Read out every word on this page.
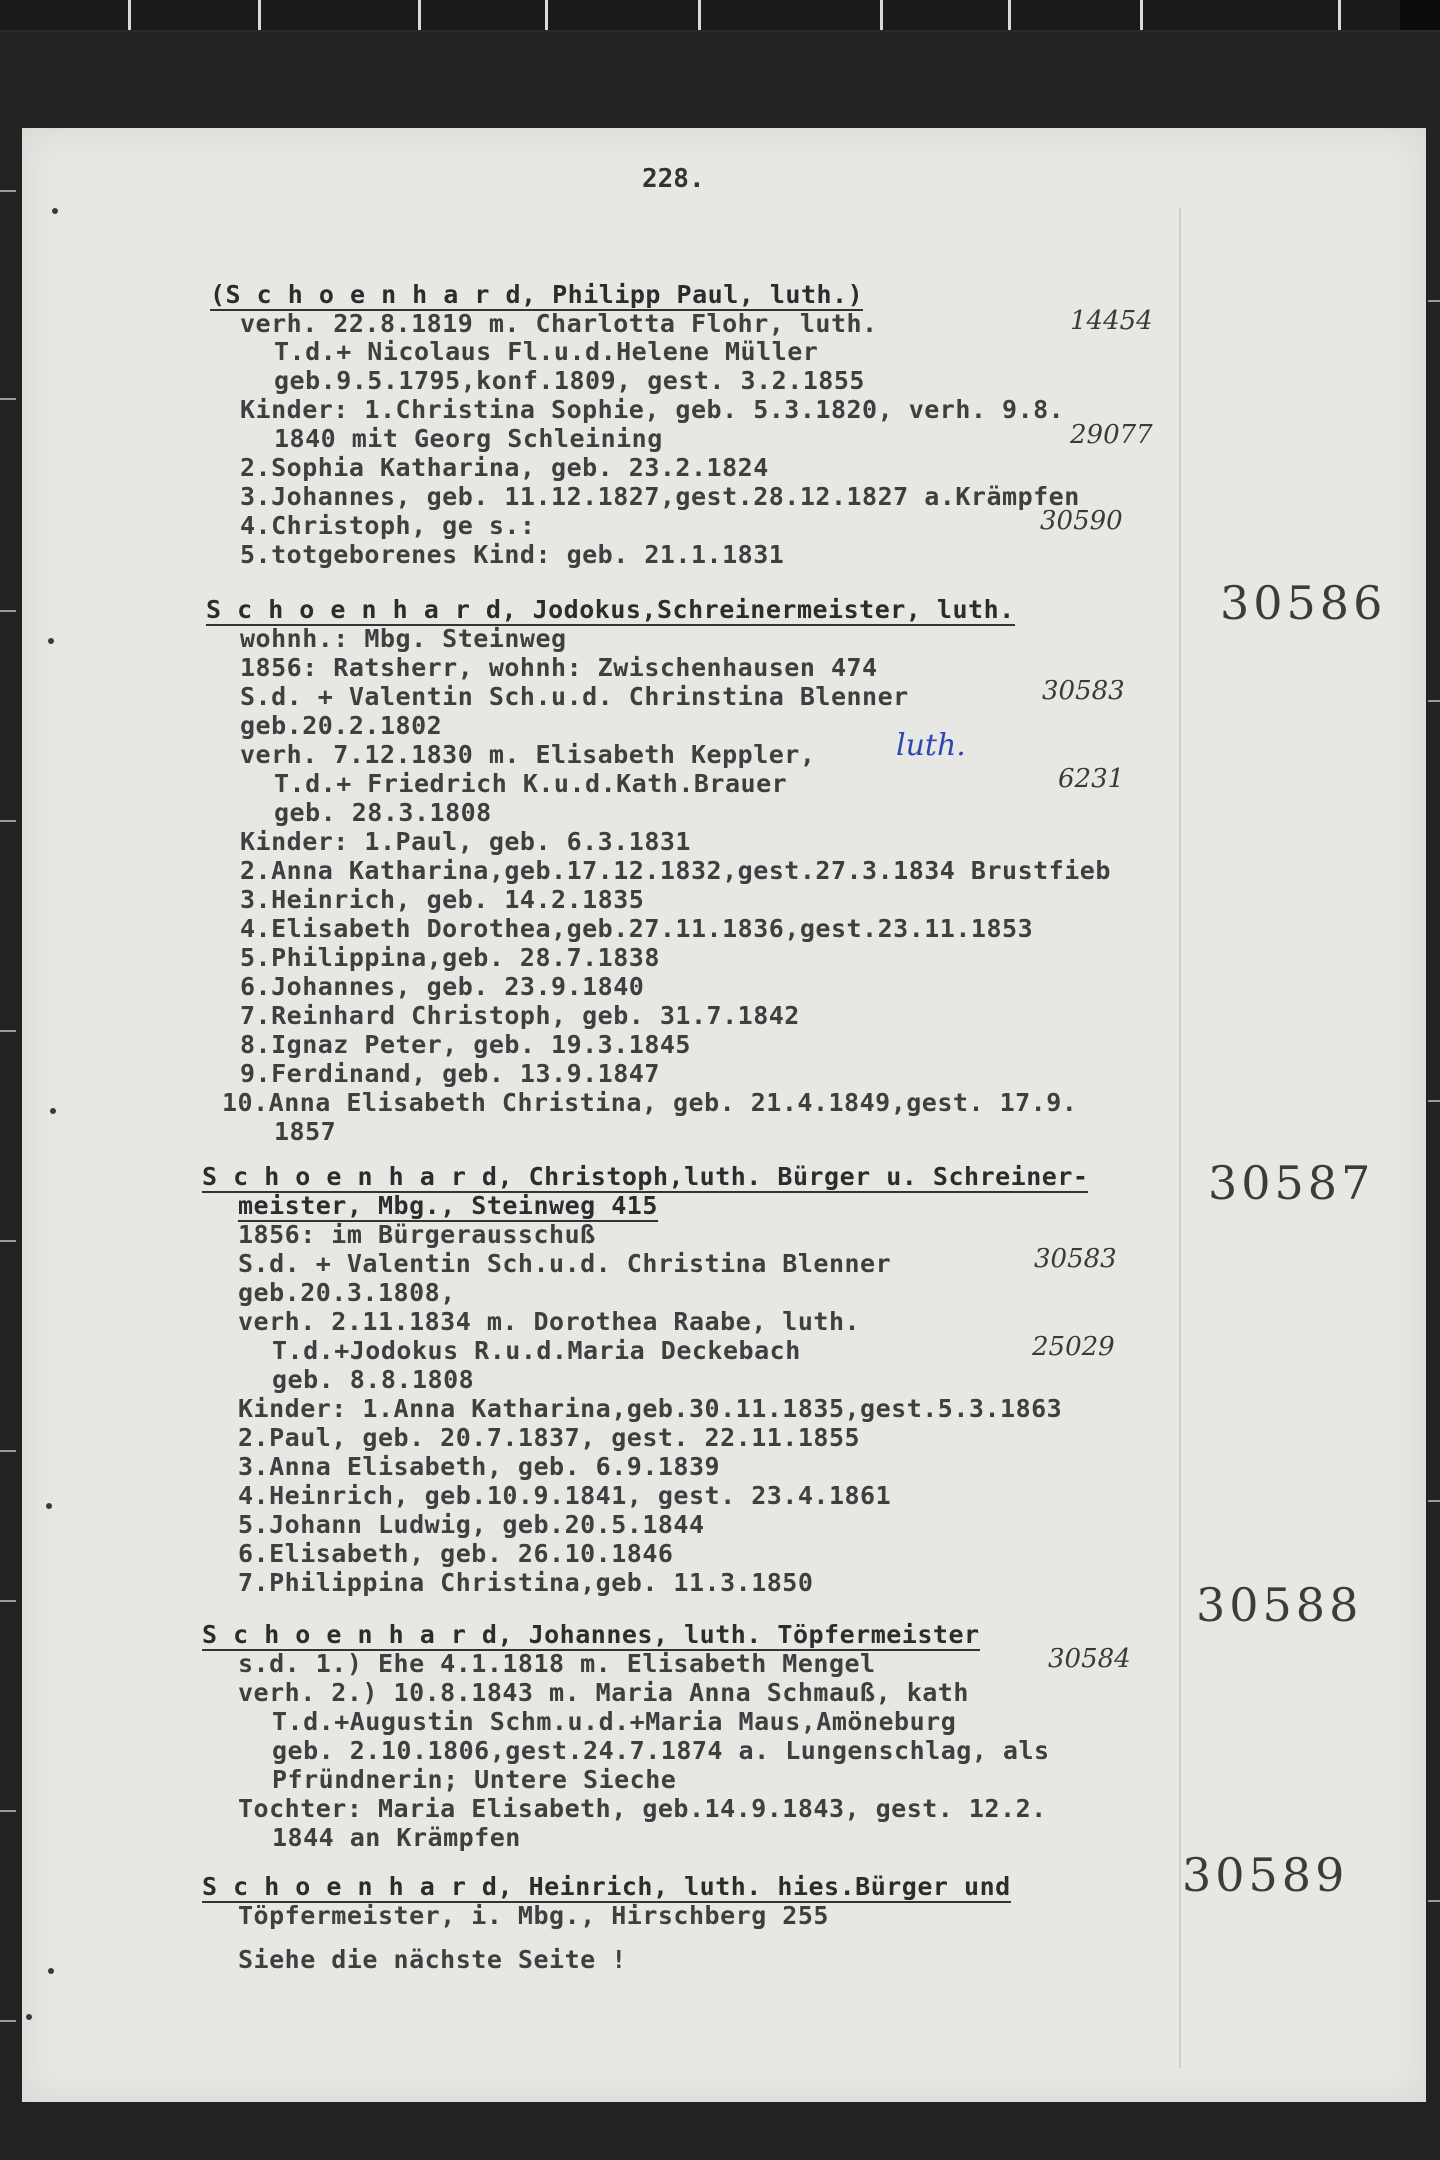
228.
(S c h o e n h a r d, Philipp Paul, luth.)
verh. 22.8.1819 m. Charlotta Flohr, luth.
T.d.+ Nicolaus Fl.u.d.Helene Müller
geb.9.5.1795,konf.1809, gest. 3.2.1855
Kinder: 1.Christina Sophie, geb. 5.3.1820, verh. 9.8.
1840 mit Georg Schleining
2.Sophia Katharina, geb. 23.2.1824
3.Johannes, geb. 11.12.1827,gest.28.12.1827 a.Krämpfen
4.Christoph, ge s.:
5.totgeborenes Kind: geb. 21.1.1831
14454
29077
30590
30586
S c h o e n h a r d, Jodokus,Schreinermeister, luth.
wohnh.: Mbg. Steinweg
1856: Ratsherr, wohnh: Zwischenhausen 474
S.d. + Valentin Sch.u.d. Chrinstina Blenner
geb.20.2.1802
verh. 7.12.1830 m. Elisabeth Keppler,
T.d.+ Friedrich K.u.d.Kath.Brauer
geb. 28.3.1808
Kinder: 1.Paul, geb. 6.3.1831
2.Anna Katharina,geb.17.12.1832,gest.27.3.1834 Brustfieb
3.Heinrich, geb. 14.2.1835
4.Elisabeth Dorothea,geb.27.11.1836,gest.23.11.1853
5.Philippina,geb. 28.7.1838
6.Johannes, geb. 23.9.1840
7.Reinhard Christoph, geb. 31.7.1842
8.Ignaz Peter, geb. 19.3.1845
9.Ferdinand, geb. 13.9.1847
10.Anna Elisabeth Christina, geb. 21.4.1849,gest. 17.9.
1857
30583
luth.
6231
30587
S c h o e n h a r d, Christoph,luth. Bürger u. Schreiner-
meister, Mbg., Steinweg 415
1856: im Bürgerausschuß
S.d. + Valentin Sch.u.d. Christina Blenner
geb.20.3.1808,
verh. 2.11.1834 m. Dorothea Raabe, luth.
T.d.+Jodokus R.u.d.Maria Deckebach
geb. 8.8.1808
Kinder: 1.Anna Katharina,geb.30.11.1835,gest.5.3.1863
2.Paul, geb. 20.7.1837, gest. 22.11.1855
3.Anna Elisabeth, geb. 6.9.1839
4.Heinrich, geb.10.9.1841, gest. 23.4.1861
5.Johann Ludwig, geb.20.5.1844
6.Elisabeth, geb. 26.10.1846
7.Philippina Christina,geb. 11.3.1850
30583
25029
30588
S c h o e n h a r d, Johannes, luth. Töpfermeister
s.d. 1.) Ehe 4.1.1818 m. Elisabeth Mengel
verh. 2.) 10.8.1843 m. Maria Anna Schmauß, kath
T.d.+Augustin Schm.u.d.+Maria Maus,Amöneburg
geb. 2.10.1806,gest.24.7.1874 a. Lungenschlag, als
Pfründnerin; Untere Sieche
Tochter: Maria Elisabeth, geb.14.9.1843, gest. 12.2.
1844 an Krämpfen
30584
30589
S c h o e n h a r d, Heinrich, luth. hies.Bürger und
Töpfermeister, i. Mbg., Hirschberg 255
Siehe die nächste Seite !
